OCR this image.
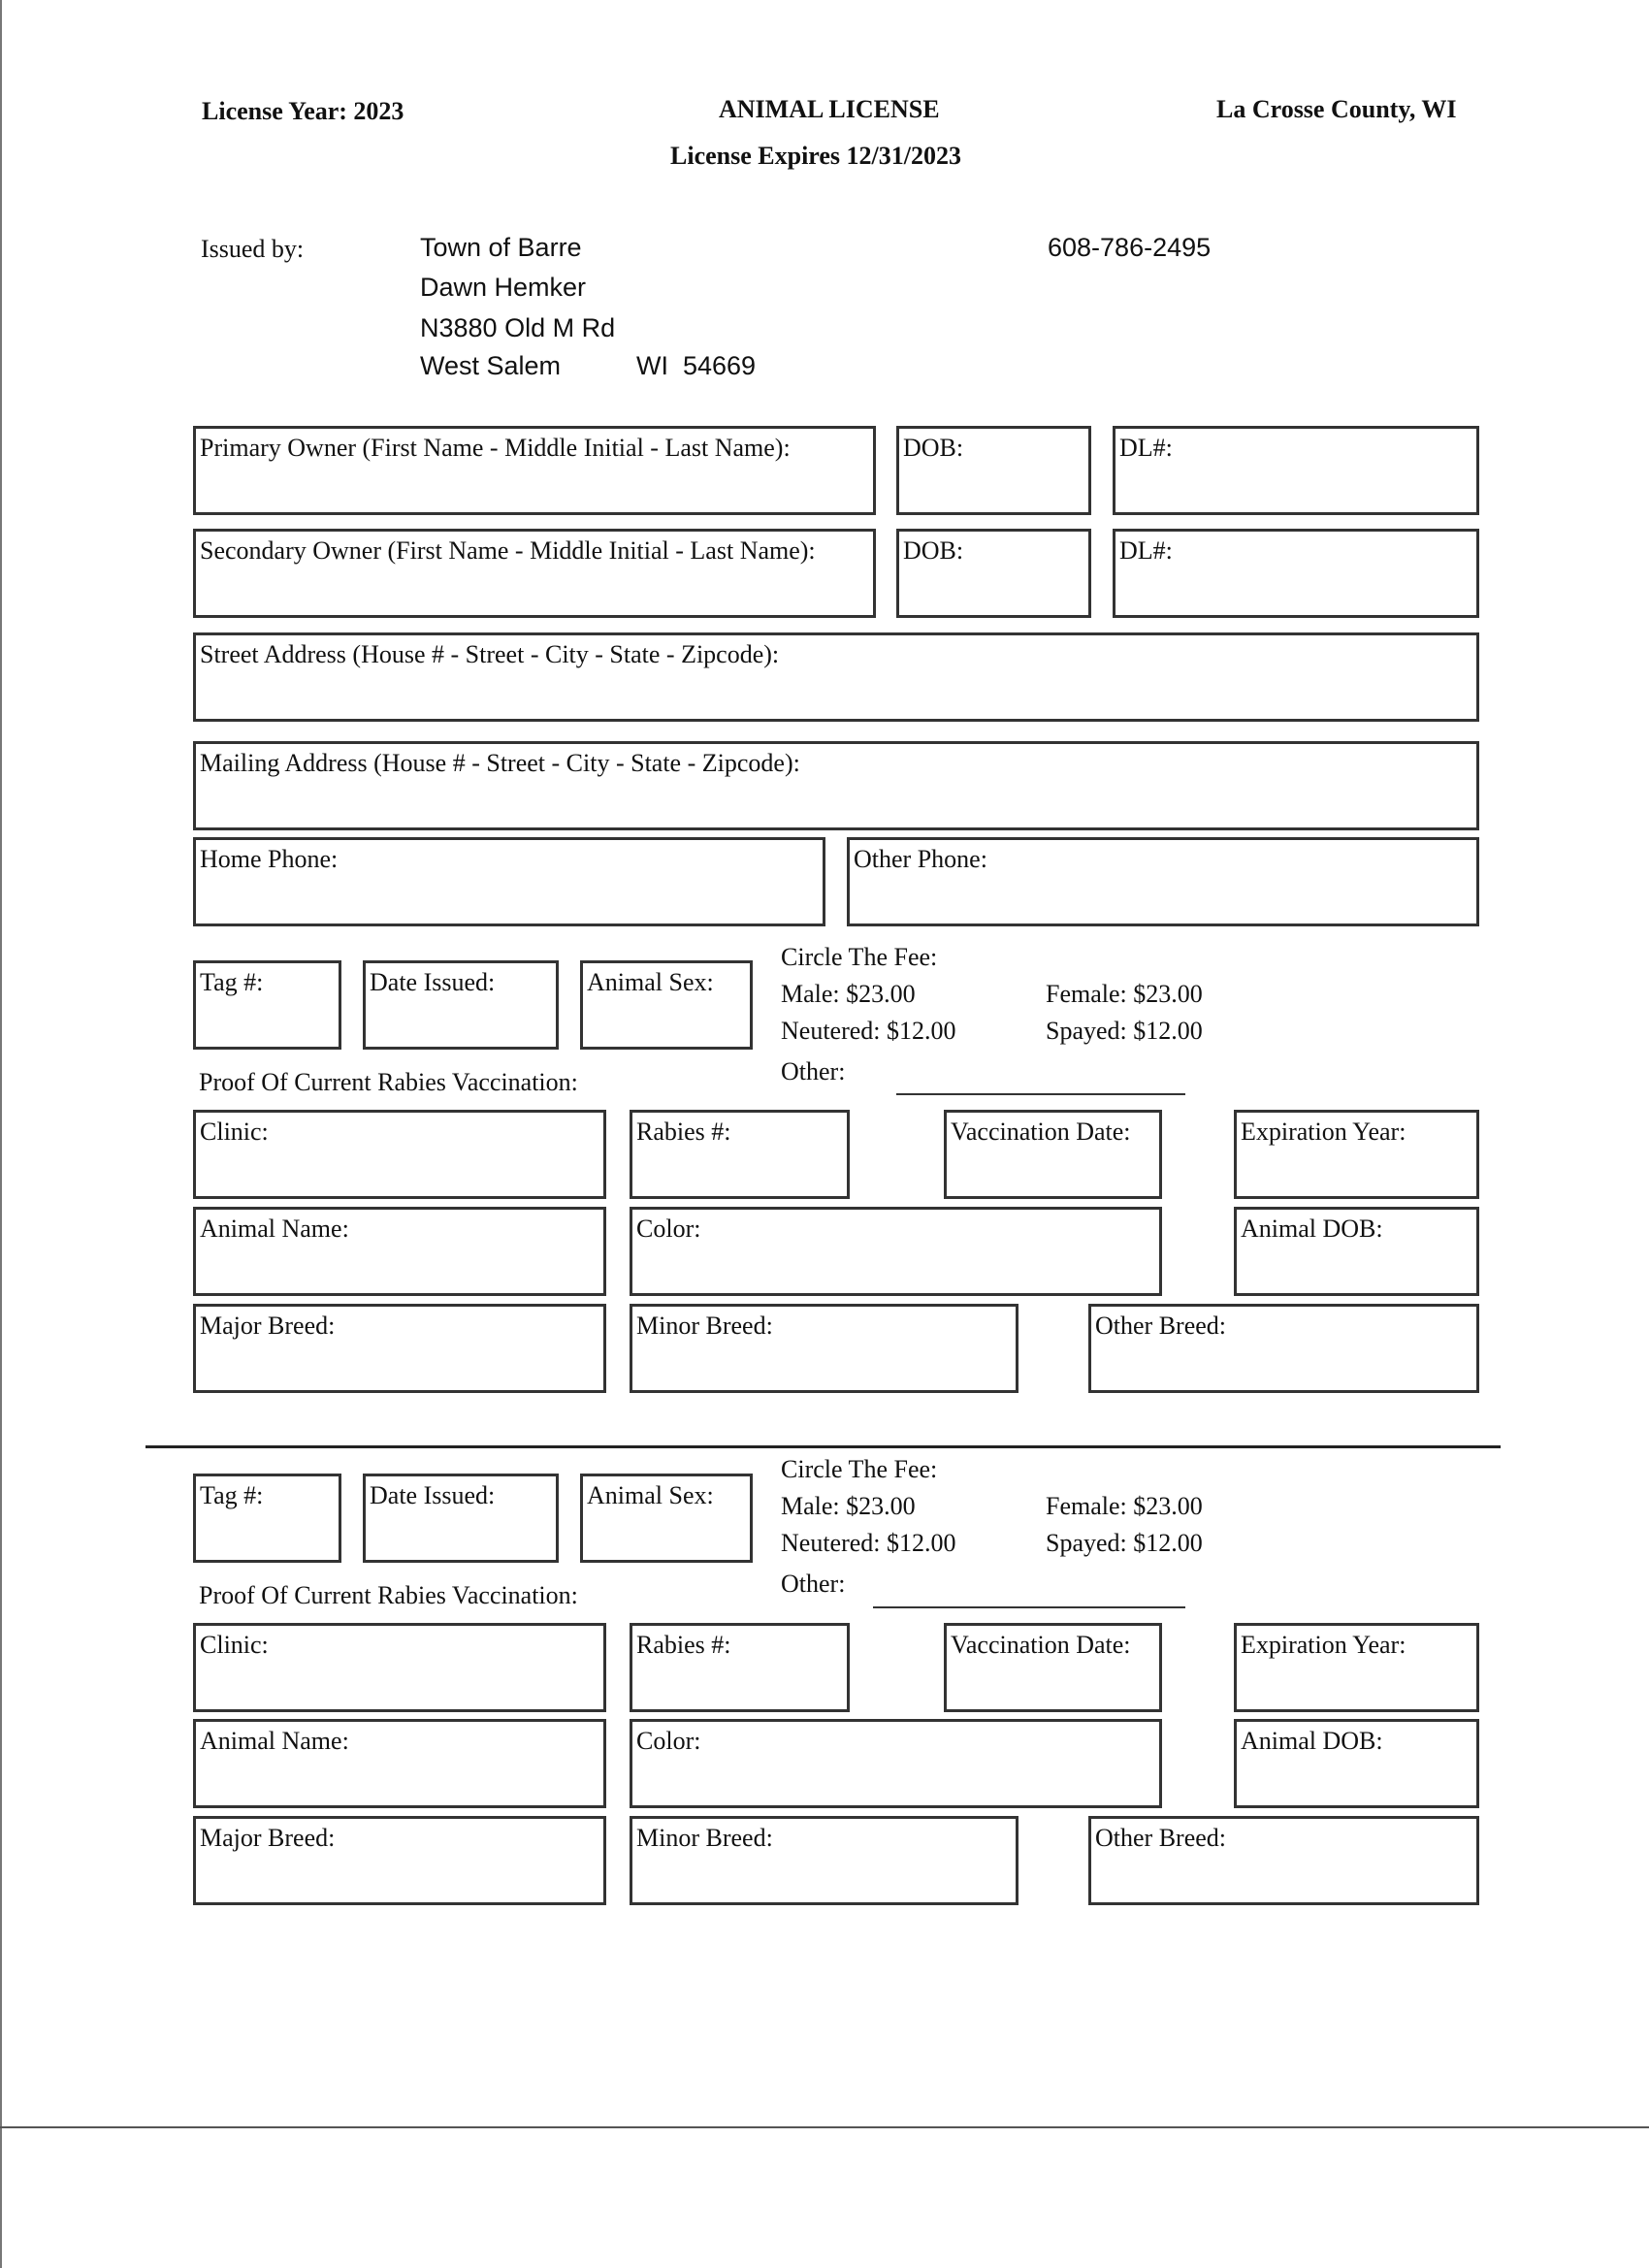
License Year: 2023	ANIMAL LICENSE
License Expires 12/31/2023
La Crosse County, WI
Issued by:	Town of Barre
Dawn Hemker
N3880 Old M Rd
West Salem	WI  54669
608-786-2495
Primary Owner (First Name - Middle Initial - Last Name):	DOB:	DL#:
Secondary Owner (First Name - Middle Initial - Last Name):	DOB:	DL#:
Street Address (House # - Street - City - State - Zipcode):
Mailing Address (House # - Street - City - State - Zipcode):
Home Phone:	Other Phone:
Tag #:	Date Issued:	Animal Sex:
Circle The Fee:
Male: $23.00	Female: $23.00
Neutered: $12.00	Spayed: $12.00
Other:
Proof Of Current Rabies Vaccination:
Clinic:	Rabies #:	Vaccination Date:	Expiration Year:
Animal Name:	Color:	Animal DOB:
Major Breed:	Minor Breed:	Other Breed:
Tag #:	Date Issued:	Animal Sex:
Circle The Fee:
Male: $23.00	Female: $23.00
Neutered: $12.00	Spayed: $12.00
Other:
Proof Of Current Rabies Vaccination:
Clinic:	Rabies #:	Vaccination Date:	Expiration Year:
Animal Name:	Color:	Animal DOB:
Major Breed:	Minor Breed:	Other Breed:
